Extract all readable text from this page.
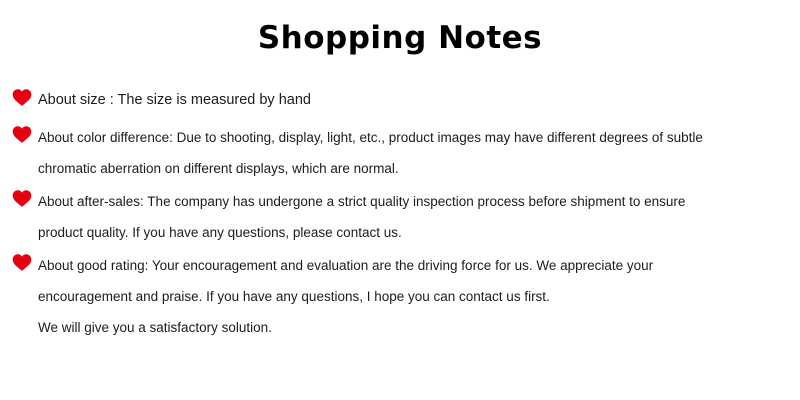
Shopping Notes
About size : The size is measured by hand
About color difference: Due to shooting, display, light, etc., product images may have different degrees of subtle
chromatic aberration on different displays, which are normal.
About after-sales: The company has undergone a strict quality inspection process before shipment to ensure
product quality. If you have any questions, please contact us.
About good rating: Your encouragement and evaluation are the driving force for us. We appreciate your
encouragement and praise. If you have any questions, I hope you can contact us first.
We will give you a satisfactory solution.
